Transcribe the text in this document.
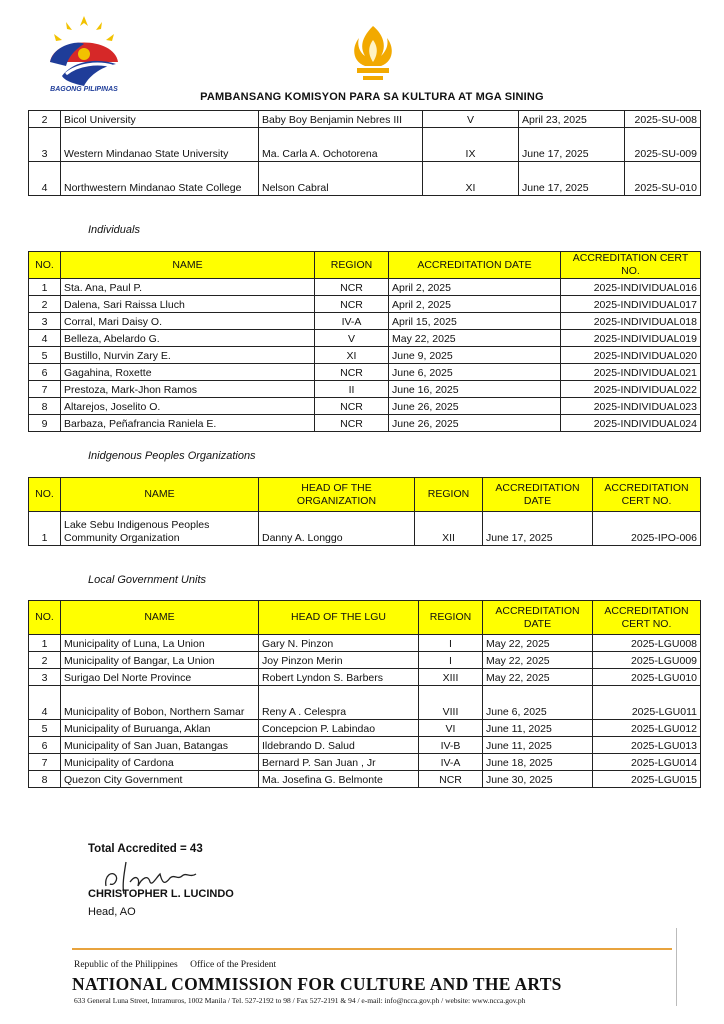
BAGONG PILIPINAS
PAMBANSANG KOMISYON PARA SA KULTURA AT MGA SINING
2	Bicol University	Baby Boy Benjamin Nebres III	V	April 23, 2025	2025-SU-008
3	Western Mindanao State University	Ma. Carla A. Ochotorena	IX	June 17, 2025	2025-SU-009
4	Northwestern Mindanao State College	Nelson Cabral	XI	June 17, 2025	2025-SU-010
Individuals
NO.	NAME	REGION	ACCREDITATION DATE	ACCREDITATION CERT NO.
1	Sta. Ana, Paul P.	NCR	April 2, 2025	2025-INDIVIDUAL016
2	Dalena, Sari Raissa Lluch	NCR	April 2, 2025	2025-INDIVIDUAL017
3	Corral, Mari Daisy O.	IV-A	April 15, 2025	2025-INDIVIDUAL018
4	Belleza, Abelardo G.	V	May 22, 2025	2025-INDIVIDUAL019
5	Bustillo, Nurvin Zary E.	XI	June 9, 2025	2025-INDIVIDUAL020
6	Gagahina, Roxette	NCR	June 6, 2025	2025-INDIVIDUAL021
7	Prestoza, Mark-Jhon Ramos	II	June 16, 2025	2025-INDIVIDUAL022
8	Altarejos, Joselito O.	NCR	June 26, 2025	2025-INDIVIDUAL023
9	Barbaza, Peñafrancia Raniela E.	NCR	June 26, 2025	2025-INDIVIDUAL024
Inidgenous Peoples Organizations
NO.	NAME	HEAD OF THE ORGANIZATION	REGION	ACCREDITATION DATE	ACCREDITATION CERT NO.
1	Lake Sebu Indigenous Peoples Community Organization	Danny A. Longgo	XII	June 17, 2025	2025-IPO-006
Local Government Units
NO.	NAME	HEAD OF THE LGU	REGION	ACCREDITATION DATE	ACCREDITATION CERT NO.
1	Municipality of Luna, La Union	Gary N. Pinzon	I	May 22, 2025	2025-LGU008
2	Municipality of Bangar, La Union	Joy Pinzon Merin	I	May 22, 2025	2025-LGU009
3	Surigao Del Norte Province	Robert Lyndon S. Barbers	XIII	May 22, 2025	2025-LGU010
4	Municipality of Bobon, Northern Samar	Reny A . Celespra	VIII	June 6, 2025	2025-LGU011
5	Municipality of Buruanga, Aklan	Concepcion P. Labindao	VI	June 11, 2025	2025-LGU012
6	Municipality of San Juan, Batangas	Ildebrando D. Salud	IV-B	June 11, 2025	2025-LGU013
7	Municipality of Cardona	Bernard P. San Juan , Jr	IV-A	June 18, 2025	2025-LGU014
8	Quezon City Government	Ma. Josefina G. Belmonte	NCR	June 30, 2025	2025-LGU015
Total Accredited = 43
CHRISTOPHER L. LUCINDO
Head, AO
Republic of the Philippines Office of the President
NATIONAL COMMISSION FOR CULTURE AND THE ARTS
633 General Luna Street, Intramuros, 1002 Manila / Tel. 527-2192 to 98 / Fax 527-2191 & 94 / e-mail: info@ncca.gov.ph / website: www.ncca.gov.ph
